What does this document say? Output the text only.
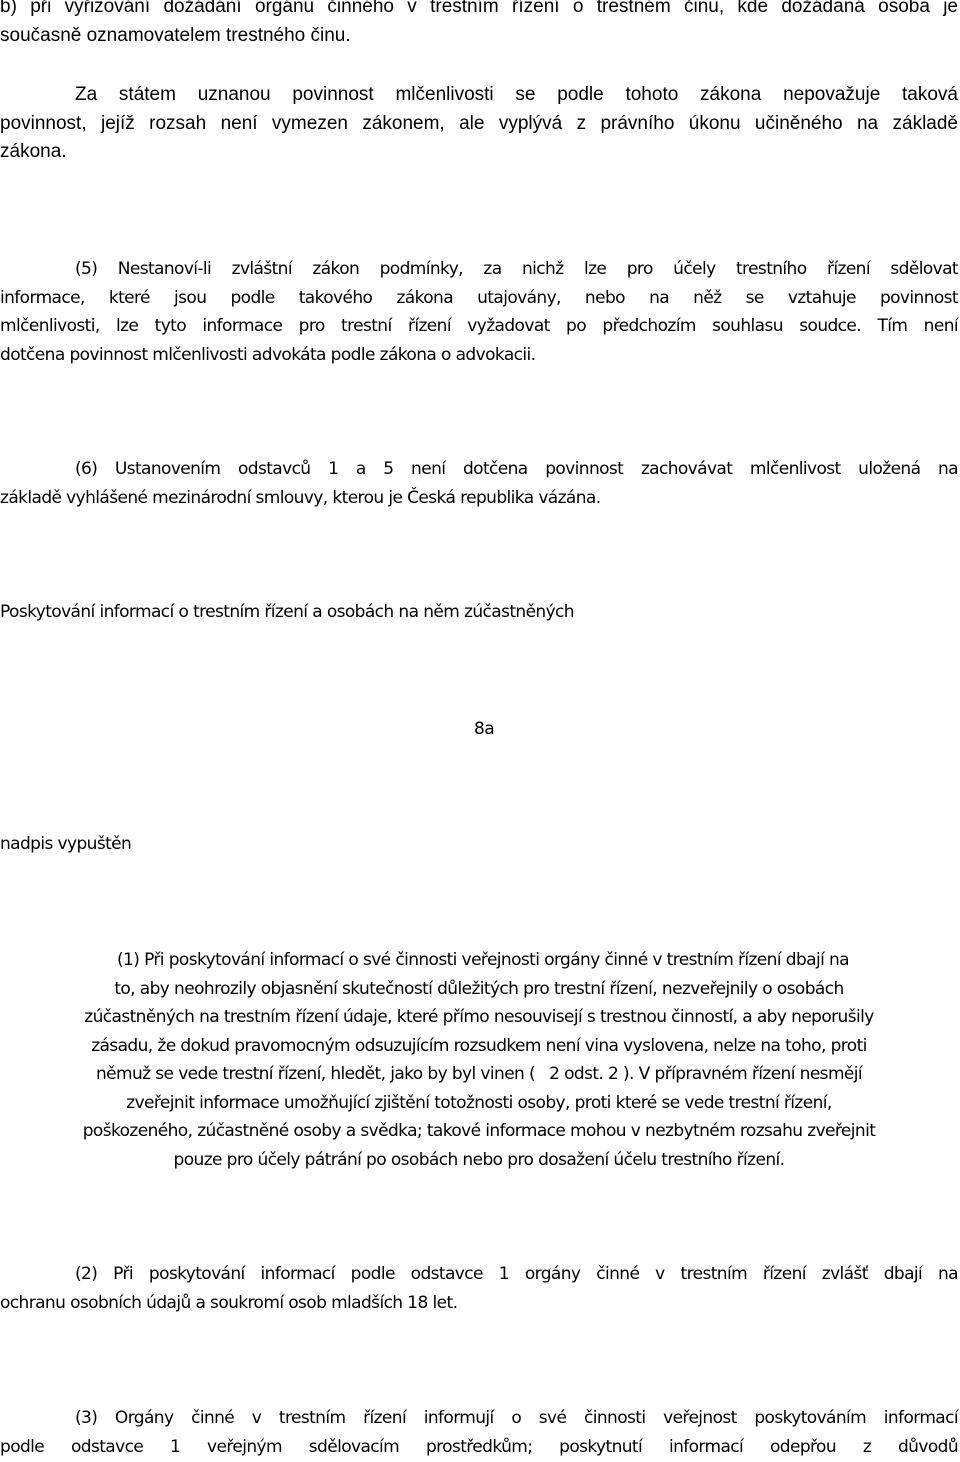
b) při vyřizování dožádání orgánu činného v trestním řízení o trestném činu, kde dožádaná osoba je
současně oznamovatelem trestného činu.
Za státem uznanou povinnost mlčenlivosti se podle tohoto zákona nepovažuje taková
povinnost, jejíž rozsah není vymezen zákonem, ale vyplývá z právního úkonu učiněného na základě
zákona.
(5) Nestanoví-li zvláštní zákon podmínky, za nichž lze pro účely trestního řízení sdělovat
informace, které jsou podle takového zákona utajovány, nebo na něž se vztahuje povinnost
mlčenlivosti, lze tyto informace pro trestní řízení vyžadovat po předchozím souhlasu soudce. Tím není
dotčena povinnost mlčenlivosti advokáta podle zákona o advokacii.
(6) Ustanovením odstavců 1 a 5 není dotčena povinnost zachovávat mlčenlivost uložená na
základě vyhlášené mezinárodní smlouvy, kterou je Česká republika vázána.
Poskytování informací o trestním řízení a osobách na něm zúčastněných
8a
nadpis vypuštěn
(1) Při poskytování informací o své činnosti veřejnosti orgány činné v trestním řízení dbají na
to, aby neohrozily objasnění skutečností důležitých pro trestní řízení, nezveřejnily o osobách
zúčastněných na trestním řízení údaje, které přímo nesouvisejí s trestnou činností, a aby neporušily
zásadu, že dokud pravomocným odsuzujícím rozsudkem není vina vyslovena, nelze na toho, proti
němuž se vede trestní řízení, hledět, jako by byl vinen ( 2 odst. 2 ). V přípravném řízení nesmějí
zveřejnit informace umožňující zjištění totožnosti osoby, proti které se vede trestní řízení,
poškozeného, zúčastněné osoby a svědka; takové informace mohou v nezbytném rozsahu zveřejnit
pouze pro účely pátrání po osobách nebo pro dosažení účelu trestního řízení.
(2) Při poskytování informací podle odstavce 1 orgány činné v trestním řízení zvlášť dbají na
ochranu osobních údajů a soukromí osob mladších 18 let.
(3) Orgány činné v trestním řízení informují o své činnosti veřejnost poskytováním informací
podle odstavce 1 veřejným sdělovacím prostředkům; poskytnutí informací odepřou z důvodů
